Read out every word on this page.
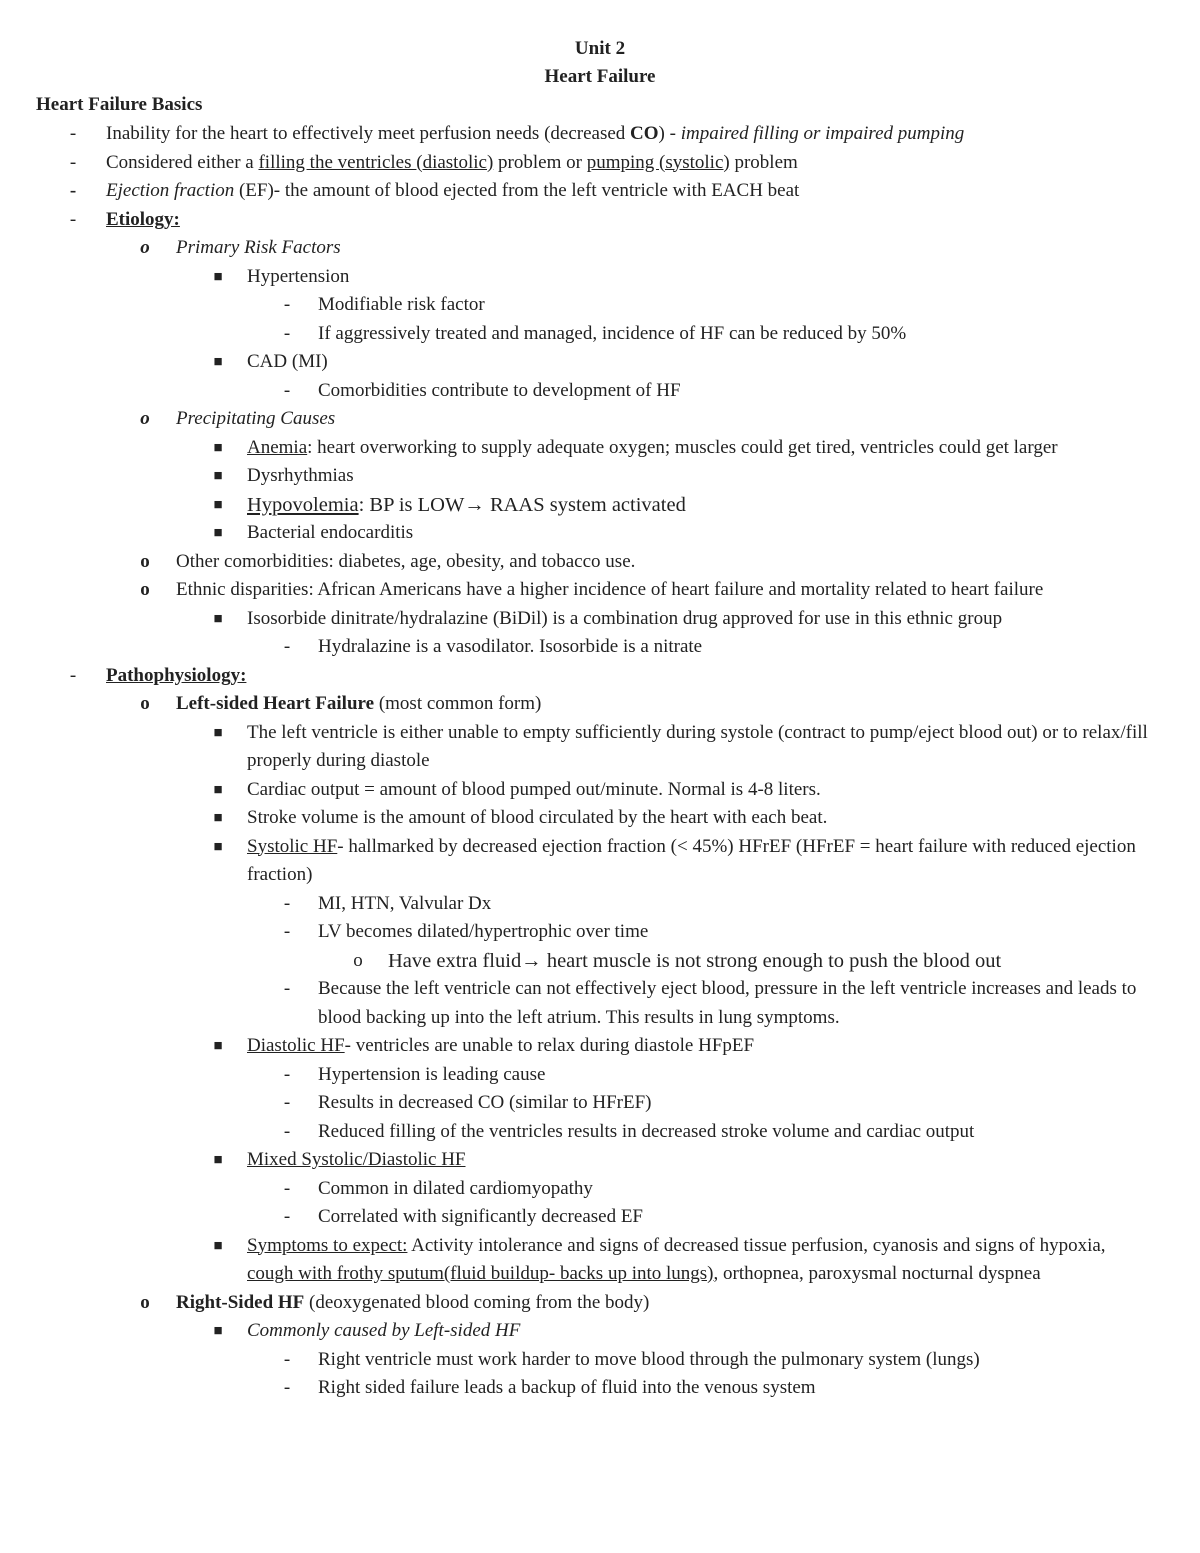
Unit 2

Heart Failure

Heart Failure Basics

-	Inability for the heart to effectively meet perfusion needs (decreased CO) - impaired filling or impaired pumping
-	Considered either a filling the ventricles (diastolic) problem or pumping (systolic) problem
-	Ejection fraction (EF)- the amount of blood ejected from the left ventricle with EACH beat
-	Etiology:
o	Primary Risk Factors
■	Hypertension
-	Modifiable risk factor
-	If aggressively treated and managed, incidence of HF can be reduced by 50%
■	CAD (MI)
-	Comorbidities contribute to development of HF
o	Precipitating Causes
■	Anemia: heart overworking to supply adequate oxygen; muscles could get tired, ventricles could get larger
■	Dysrhythmias
■	Hypovolemia: BP is LOW→ RAAS system activated
■	Bacterial endocarditis
o	Other comorbidities: diabetes, age, obesity, and tobacco use.
o	Ethnic disparities: African Americans have a higher incidence of heart failure and mortality related to heart failure
■	Isosorbide dinitrate/hydralazine (BiDil) is a combination drug approved for use in this ethnic group
-	Hydralazine is a vasodilator. Isosorbide is a nitrate
-	Pathophysiology:
o	Left-sided Heart Failure (most common form)
■	The left ventricle is either unable to empty sufficiently during systole (contract to pump/eject blood out) or to relax/fill properly during diastole
■	Cardiac output = amount of blood pumped out/minute. Normal is 4-8 liters.
■	Stroke volume is the amount of blood circulated by the heart with each beat.
■	Systolic HF- hallmarked by decreased ejection fraction (< 45%) HFrEF (HFrEF = heart failure with reduced ejection fraction)
-	MI, HTN, Valvular Dx
-	LV becomes dilated/hypertrophic over time
o	Have extra fluid→ heart muscle is not strong enough to push the blood out
-	Because the left ventricle can not effectively eject blood, pressure in the left ventricle increases and leads to blood backing up into the left atrium. This results in lung symptoms.
■	Diastolic HF- ventricles are unable to relax during diastole HFpEF
-	Hypertension is leading cause
-	Results in decreased CO (similar to HFrEF)
-	Reduced filling of the ventricles results in decreased stroke volume and cardiac output
■	Mixed Systolic/Diastolic HF
-	Common in dilated cardiomyopathy
-	Correlated with significantly decreased EF
■	Symptoms to expect: Activity intolerance and signs of decreased tissue perfusion, cyanosis and signs of hypoxia, cough with frothy sputum(fluid buildup- backs up into lungs), orthopnea, paroxysmal nocturnal dyspnea
o	Right-Sided HF (deoxygenated blood coming from the body)
■	Commonly caused by Left-sided HF
-	Right ventricle must work harder to move blood through the pulmonary system (lungs)
-	Right sided failure leads a backup of fluid into the venous system
